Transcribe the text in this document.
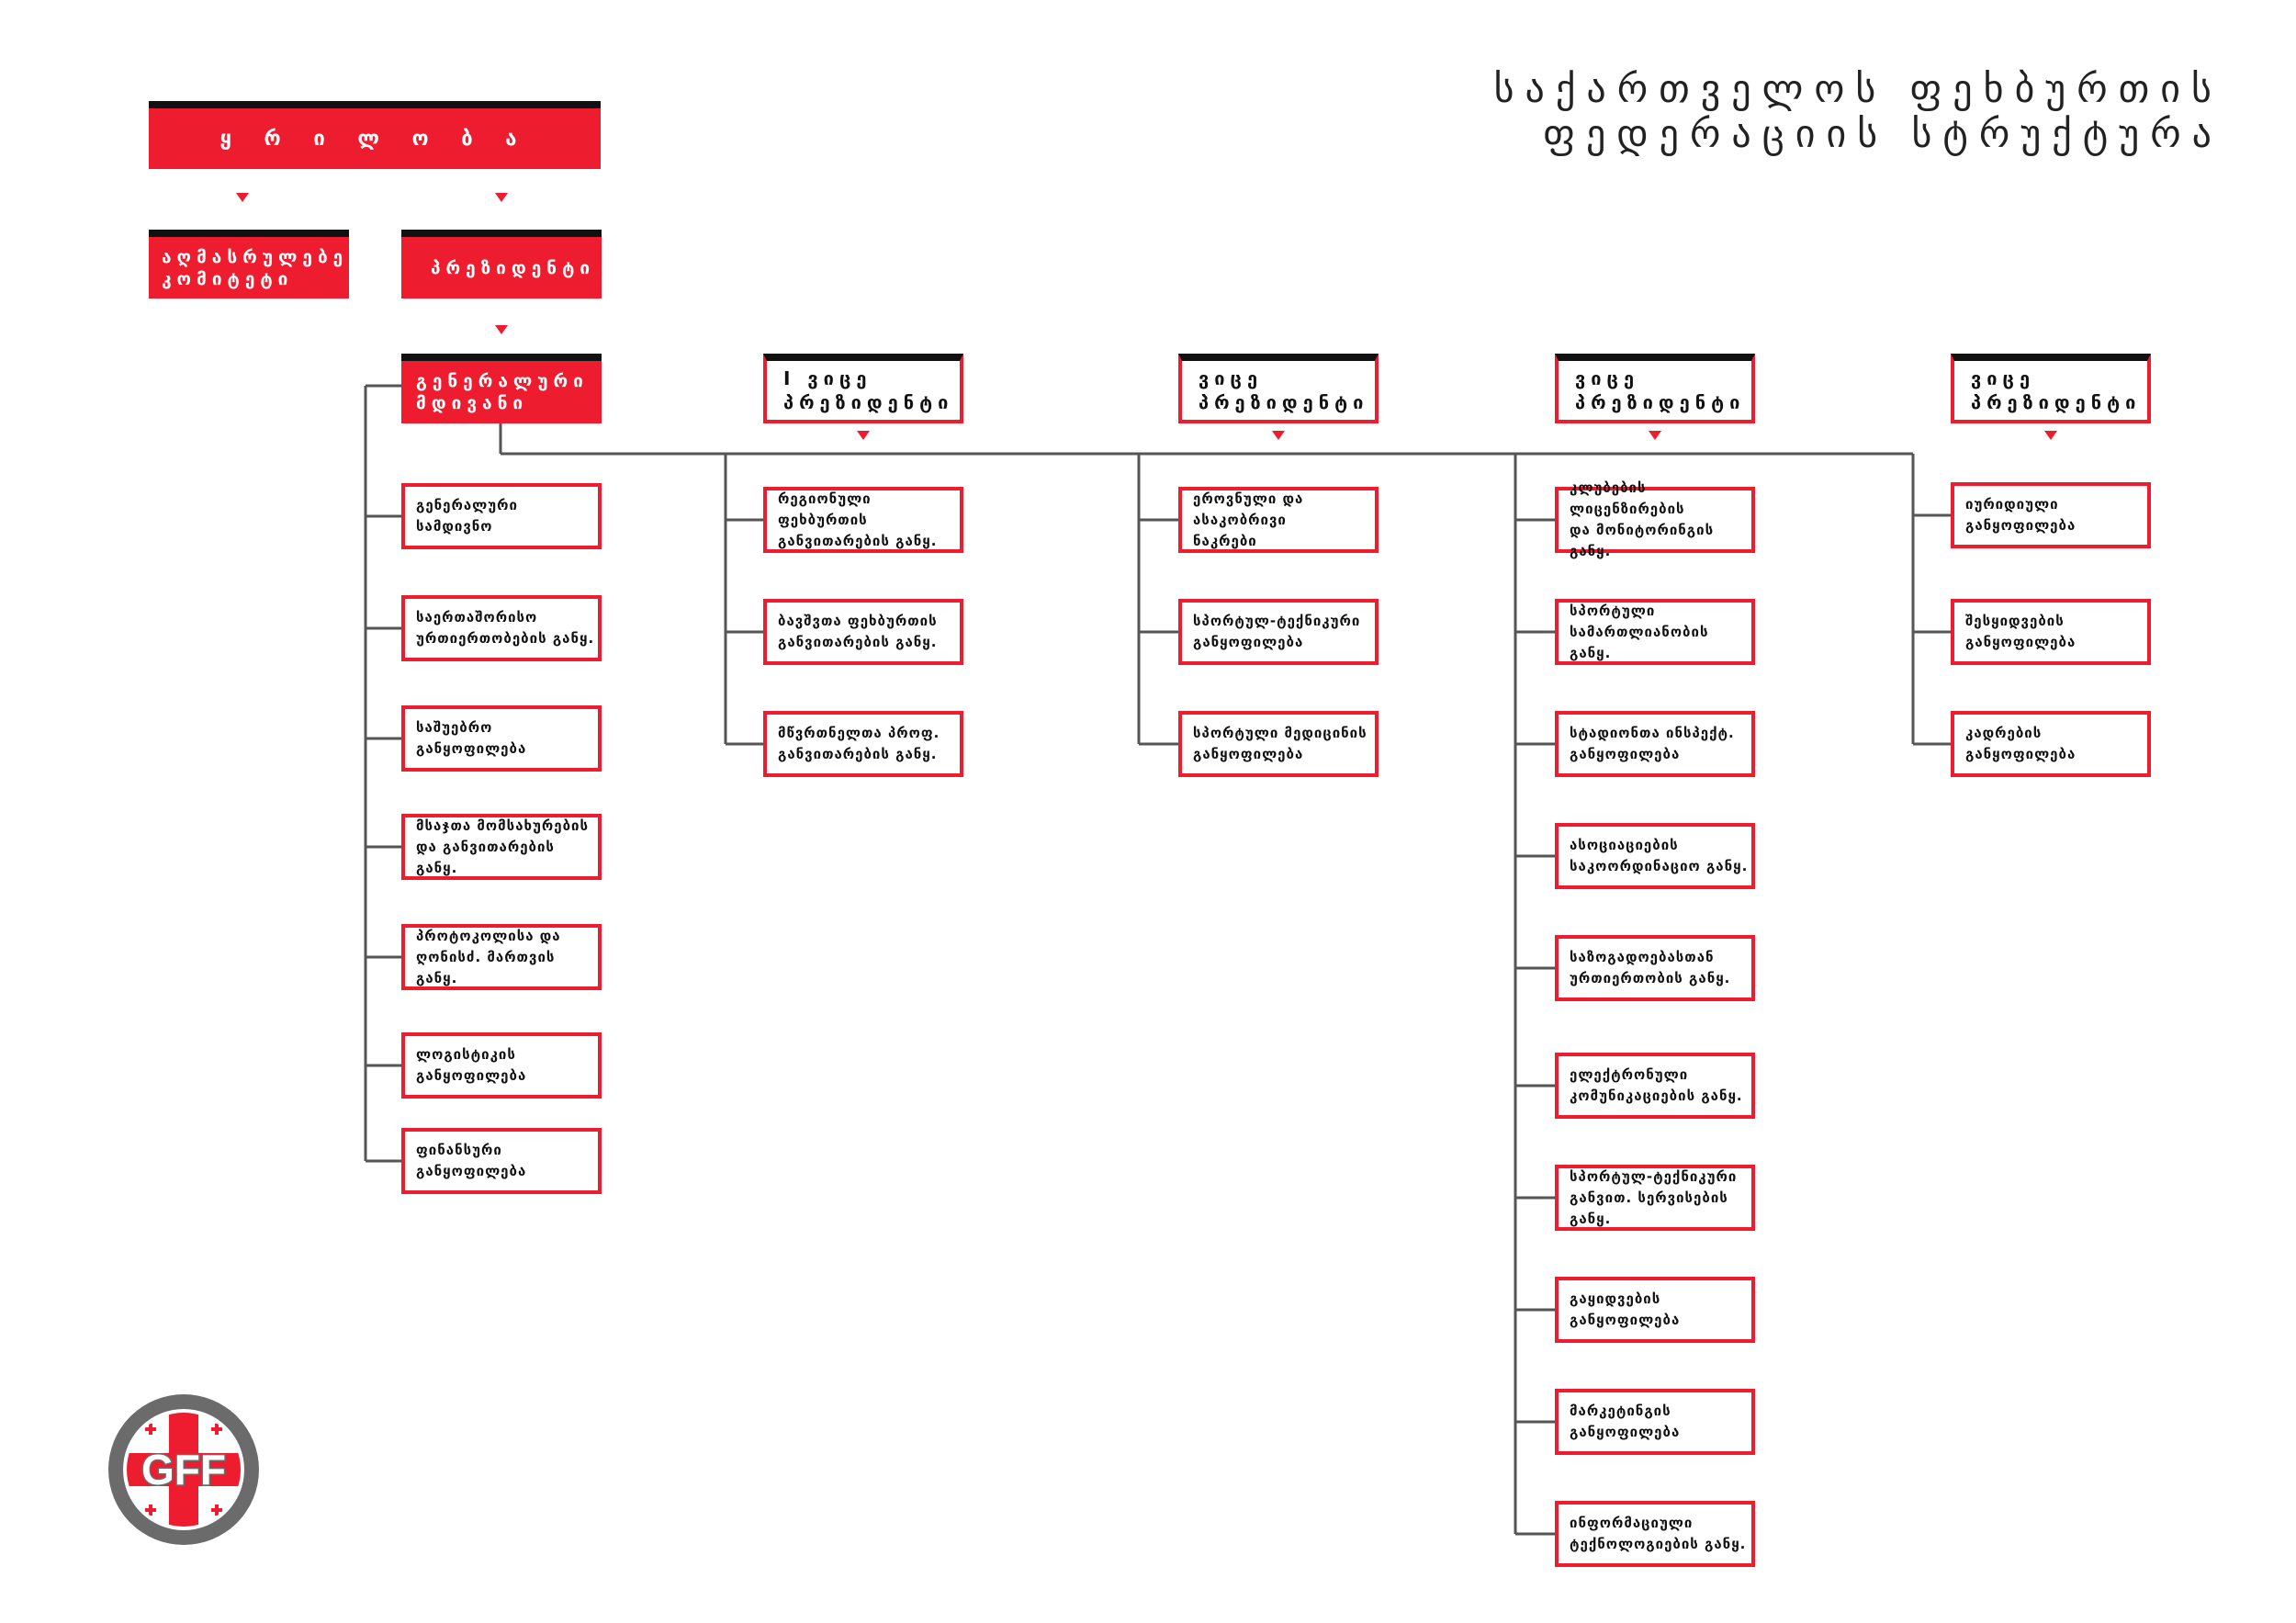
საქართველოს ფეხბურთის ფედერაციის სტრუქტურა
ყ რ ი ლ ო ბ ა
აღმასრულებელი
კომიტეტი
პრეზიდენტი
გენერალური
მდივანი
გენერალური სამდივნო
საერთაშორისო
ურთიერთობების განყ.
საშუებრო
განყოფილება
მსაჯთა მომსახურების
და განვითარების განყ.
პროტოკოლისა და
ღონისძ. მართვის განყ.
ლოგისტიკის
განყოფილება
ფინანსური
განყოფილება
I ვიცე
პრეზიდენტი
რეგიონული ფეხბურთის
განვითარების განყ.
ბავშვთა ფეხბურთის
განვითარების განყ.
მწვრთნელთა პროფ.
განვითარების განყ.
ვიცე
პრეზიდენტი
ეროვნული და ასაკობრივი
ნაკრები
სპორტულ-ტექნიკური
განყოფილება
სპორტული მედიცინის
განყოფილება
ვიცე
პრეზიდენტი
კლუბების ლიცენზირების
და მონიტორინგის განყ.
სპორტული
სამართლიანობის განყ.
სტადიონთა ინსპექტ.
განყოფილება
ასოციაციების
საკოორდინაციო განყ.
საზოგადოებასთან
ურთიერთობის განყ.
ელექტრონული
კომუნიკაციების განყ.
სპორტულ-ტექნიკური
განვით. სერვისების განყ.
გაყიდვების
განყოფილება
მარკეტინგის
განყოფილება
ინფორმაციული
ტექნოლოგიების განყ.
ვიცე
პრეზიდენტი
იურიდიული
განყოფილება
შესყიდვების
განყოფილება
კადრების
განყოფილება
GFF
